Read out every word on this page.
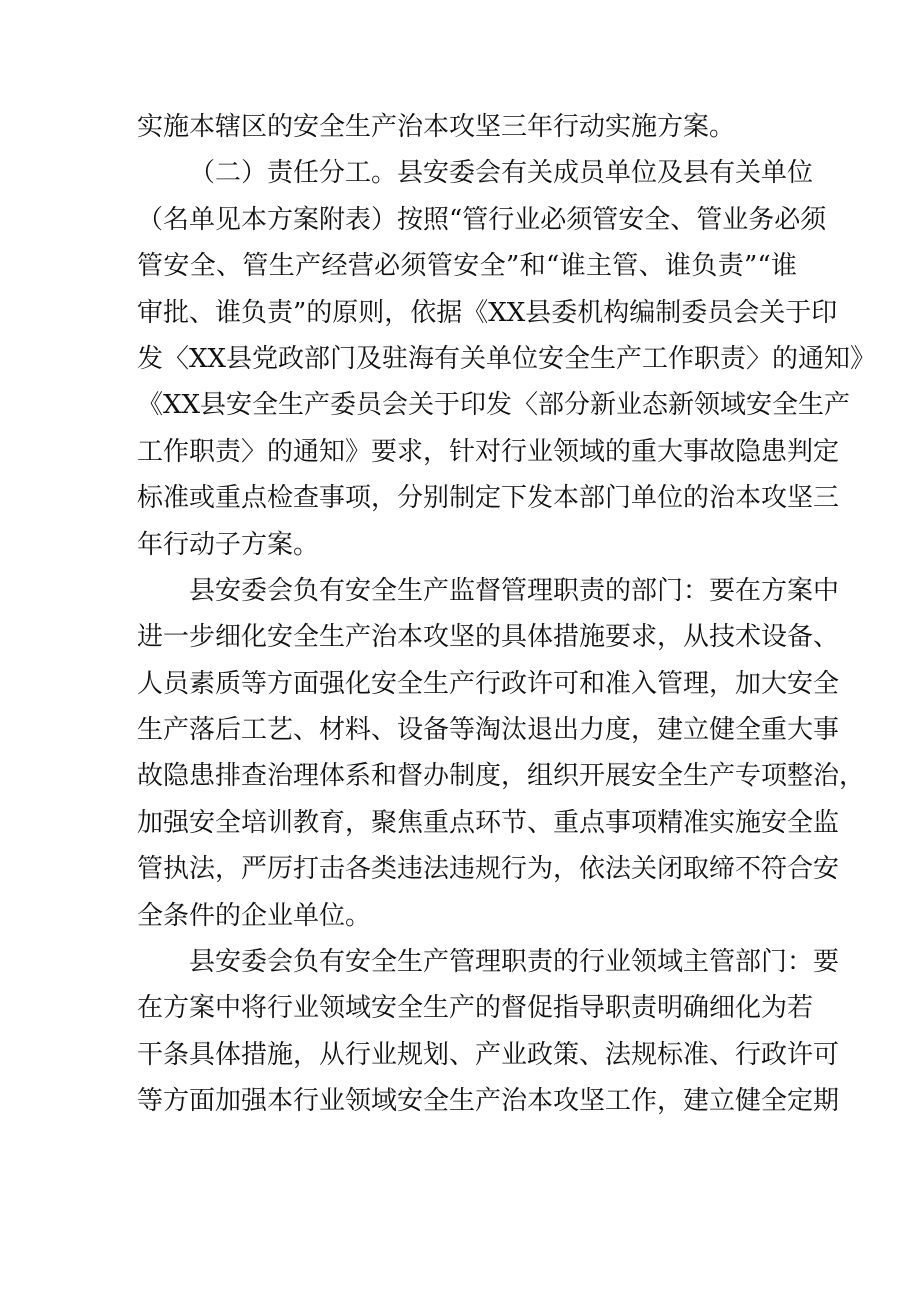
实施本辖区的安全生产治本攻坚三年行动实施方案。
（二）责任分工。县安委会有关成员单位及县有关单位
（名单见本方案附表）按照“管行业必须管安全、管业务必须
管安全、管生产经营必须管安全”和“谁主管、谁负责”“谁
审批、谁负责”的原则，依据《XX县委机构编制委员会关于印
发〈XX县党政部门及驻海有关单位安全生产工作职责〉的通知》
《XX县安全生产委员会关于印发〈部分新业态新领域安全生产
工作职责〉的通知》要求，针对行业领域的重大事故隐患判定
标准或重点检查事项，分别制定下发本部门单位的治本攻坚三
年行动子方案。
县安委会负有安全生产监督管理职责的部门：要在方案中
进一步细化安全生产治本攻坚的具体措施要求，从技术设备、
人员素质等方面强化安全生产行政许可和准入管理，加大安全
生产落后工艺、材料、设备等淘汰退出力度，建立健全重大事
故隐患排查治理体系和督办制度，组织开展安全生产专项整治，
加强安全培训教育，聚焦重点环节、重点事项精准实施安全监
管执法，严厉打击各类违法违规行为，依法关闭取缔不符合安
全条件的企业单位。
县安委会负有安全生产管理职责的行业领域主管部门：要
在方案中将行业领域安全生产的督促指导职责明确细化为若
干条具体措施，从行业规划、产业政策、法规标准、行政许可
等方面加强本行业领域安全生产治本攻坚工作，建立健全定期
